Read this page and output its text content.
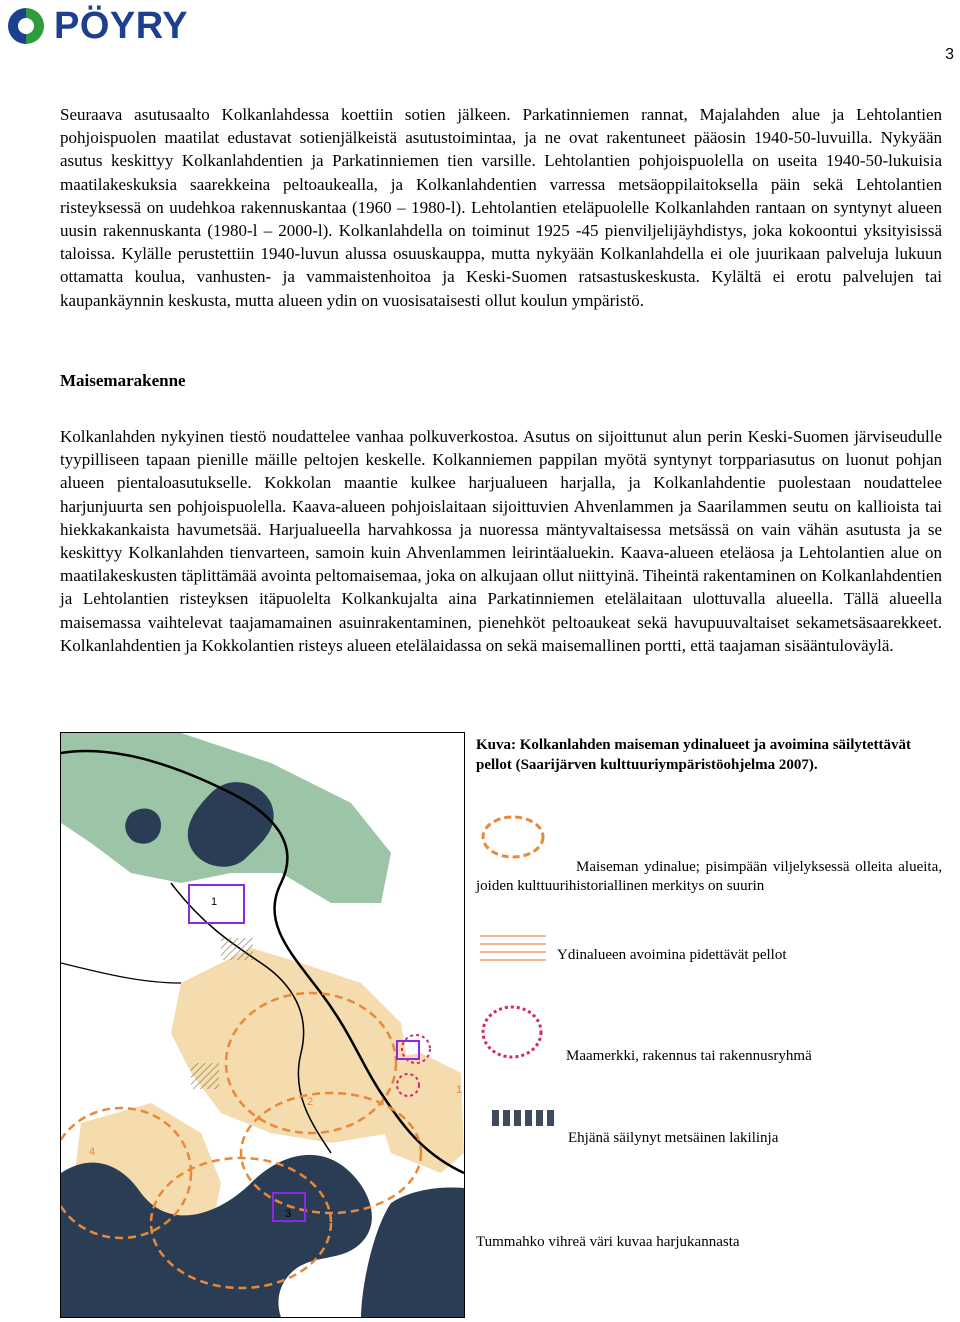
PÖYRY
3

Seuraava asutusaalto Kolkanlahdessa koettiin sotien jälkeen. Parkatinniemen rannat, Majalahden alue ja Lehtolantien pohjoispuolen maatilat edustavat sotienjälkeistä asutustoimintaa, ja ne ovat rakentuneet pääosin 1940-50-luvuilla. Nykyään asutus keskittyy Kolkanlahdentien ja Parkatinniemen tien varsille. Lehtolantien pohjoispuolella on useita 1940-50-lukuisia maatilakeskuksia saarekkeina peltoaukealla, ja Kolkanlahdentien varressa metsäoppilaitoksella päin sekä Lehtolantien risteyksessä on uudehkoa rakennuskantaa (1960 – 1980-l). Lehtolantien eteläpuolelle Kolkanlahden rantaan on syntynyt alueen uusin rakennuskanta (1980-l – 2000-l). Kolkanlahdella on toiminut 1925 -45 pienviljelijäyhdistys, joka kokoontui yksityisissä taloissa. Kylälle perustettiin 1940-luvun alussa osuuskauppa, mutta nykyään Kolkanlahdella ei ole juurikaan palveluja lukuun ottamatta koulua, vanhusten- ja vammaistenhoitoa ja Keski-Suomen ratsastuskeskusta. Kylältä ei erotu palvelujen tai kaupankäynnin keskusta, mutta alueen ydin on vuosisataisesti ollut koulun ympäristö.

Maisemarakenne

Kolkanlahden nykyinen tiestö noudattelee vanhaa polkuverkostoa. Asutus on sijoittunut alun perin Keski-Suomen järviseudulle tyypilliseen tapaan pienille mäille peltojen keskelle. Kolkanniemen pappilan myötä syntynyt torppariasutus on luonut pohjan alueen pientaloasutukselle. Kokkolan maantie kulkee harjualueen harjalla, ja Kolkanlahdentie puolestaan noudattelee harjunjuurta sen pohjoispuolella. Kaava-alueen pohjoislaitaan sijoittuvien Ahvenlammen ja Saarilammen seutu on kallioista tai hiekkakankaista havumetsää. Harjualueella harvahkossa ja nuoressa mäntyvaltaisessa metsässä on vain vähän asutusta ja se keskittyy Kolkanlahden tienvarteen, samoin kuin Ahvenlammen leirintäaluekin. Kaava-alueen eteläosa ja Lehtolantien alue on maatilakeskusten täplittämää avointa peltomaisemaa, joka on alkujaan ollut niittyinä. Tiheintä rakentaminen on Kolkanlahdentien ja Lehtolantien risteyksen itäpuolelta Kolkankujalta aina Parkatinniemen etelälaitaan ulottuvalla alueella. Tällä alueella maisemassa vaihtelevat taajamamainen asuinrakentaminen, pienehköt peltoaukeat sekä havupuuvaltaiset sekametsäsaarekkeet. Kolkanlahdentien ja Kokkolantien risteys alueen etelälaidassa on sekä maisemallinen portti, että taajaman sisääntuloväylä.

1
2
3
4
1

Kuva: Kolkanlahden maiseman ydinalueet ja avoimina säilytettävät pellot (Saarijärven kulttuuriympäristöohjelma 2007).

Maiseman ydinalue; pisimpään viljelyksessä olleita alueita, joiden kulttuurihistoriallinen merkitys on suurin

Ydinalueen avoimina pidettävät pellot

Maamerkki, rakennus tai rakennusryhmä

Ehjänä säilynyt metsäinen lakilinja

Tummahko vihreä väri kuvaa harjukannasta
